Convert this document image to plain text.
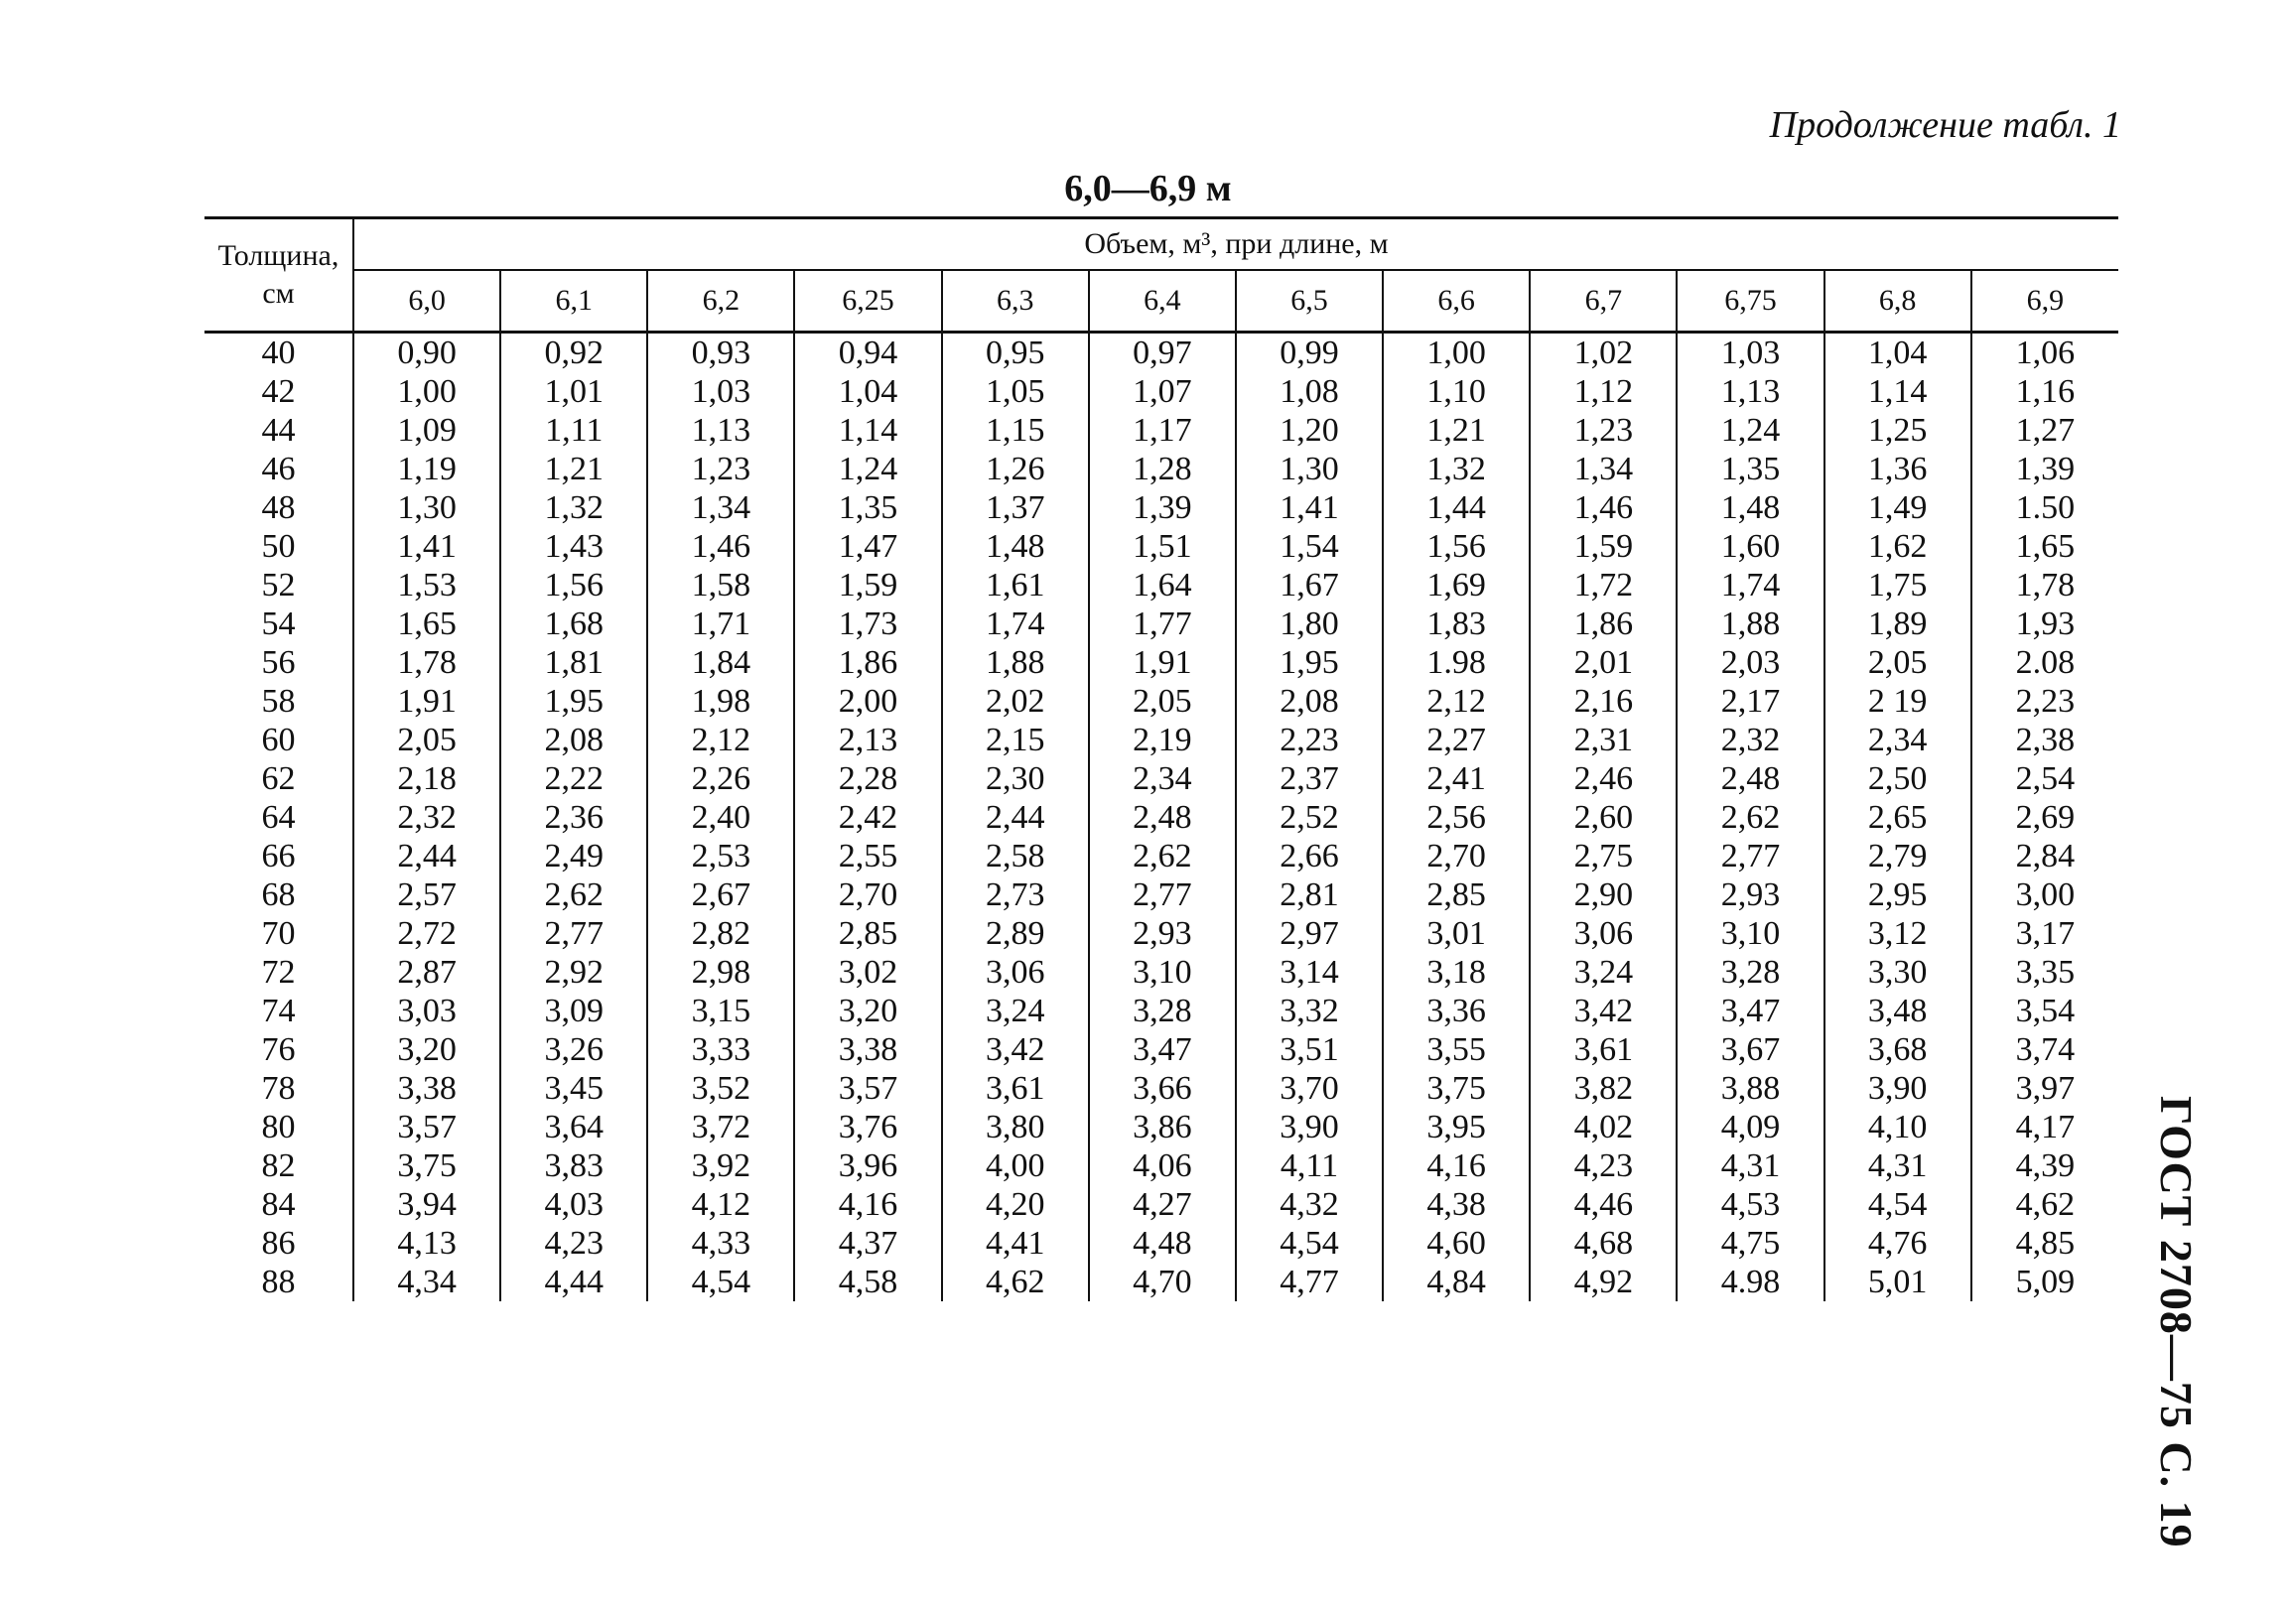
Продолжение табл. 1
6,0—6,9 м
ГОСТ 2708—75 С. 19
Толщина, см	Объем, м³, при длине, м											
	6,0	6,1	6,2	6,25	6,3	6,4	6,5	6,6	6,7	6,75	6,8	6,9
40	0,90	0,92	0,93	0,94	0,95	0,97	0,99	1,00	1,02	1,03	1,04	1,06
42	1,00	1,01	1,03	1,04	1,05	1,07	1,08	1,10	1,12	1,13	1,14	1,16
44	1,09	1,11	1,13	1,14	1,15	1,17	1,20	1,21	1,23	1,24	1,25	1,27
46	1,19	1,21	1,23	1,24	1,26	1,28	1,30	1,32	1,34	1,35	1,36	1,39
48	1,30	1,32	1,34	1,35	1,37	1,39	1,41	1,44	1,46	1,48	1,49	1.50
50	1,41	1,43	1,46	1,47	1,48	1,51	1,54	1,56	1,59	1,60	1,62	1,65
52	1,53	1,56	1,58	1,59	1,61	1,64	1,67	1,69	1,72	1,74	1,75	1,78
54	1,65	1,68	1,71	1,73	1,74	1,77	1,80	1,83	1,86	1,88	1,89	1,93
56	1,78	1,81	1,84	1,86	1,88	1,91	1,95	1.98	2,01	2,03	2,05	2.08
58	1,91	1,95	1,98	2,00	2,02	2,05	2,08	2,12	2,16	2,17	2 19	2,23
60	2,05	2,08	2,12	2,13	2,15	2,19	2,23	2,27	2,31	2,32	2,34	2,38
62	2,18	2,22	2,26	2,28	2,30	2,34	2,37	2,41	2,46	2,48	2,50	2,54
64	2,32	2,36	2,40	2,42	2,44	2,48	2,52	2,56	2,60	2,62	2,65	2,69
66	2,44	2,49	2,53	2,55	2,58	2,62	2,66	2,70	2,75	2,77	2,79	2,84
68	2,57	2,62	2,67	2,70	2,73	2,77	2,81	2,85	2,90	2,93	2,95	3,00
70	2,72	2,77	2,82	2,85	2,89	2,93	2,97	3,01	3,06	3,10	3,12	3,17
72	2,87	2,92	2,98	3,02	3,06	3,10	3,14	3,18	3,24	3,28	3,30	3,35
74	3,03	3,09	3,15	3,20	3,24	3,28	3,32	3,36	3,42	3,47	3,48	3,54
76	3,20	3,26	3,33	3,38	3,42	3,47	3,51	3,55	3,61	3,67	3,68	3,74
78	3,38	3,45	3,52	3,57	3,61	3,66	3,70	3,75	3,82	3,88	3,90	3,97
80	3,57	3,64	3,72	3,76	3,80	3,86	3,90	3,95	4,02	4,09	4,10	4,17
82	3,75	3,83	3,92	3,96	4,00	4,06	4,11	4,16	4,23	4,31	4,31	4,39
84	3,94	4,03	4,12	4,16	4,20	4,27	4,32	4,38	4,46	4,53	4,54	4,62
86	4,13	4,23	4,33	4,37	4,41	4,48	4,54	4,60	4,68	4,75	4,76	4,85
88	4,34	4,44	4,54	4,58	4,62	4,70	4,77	4,84	4,92	4.98	5,01	5,09
